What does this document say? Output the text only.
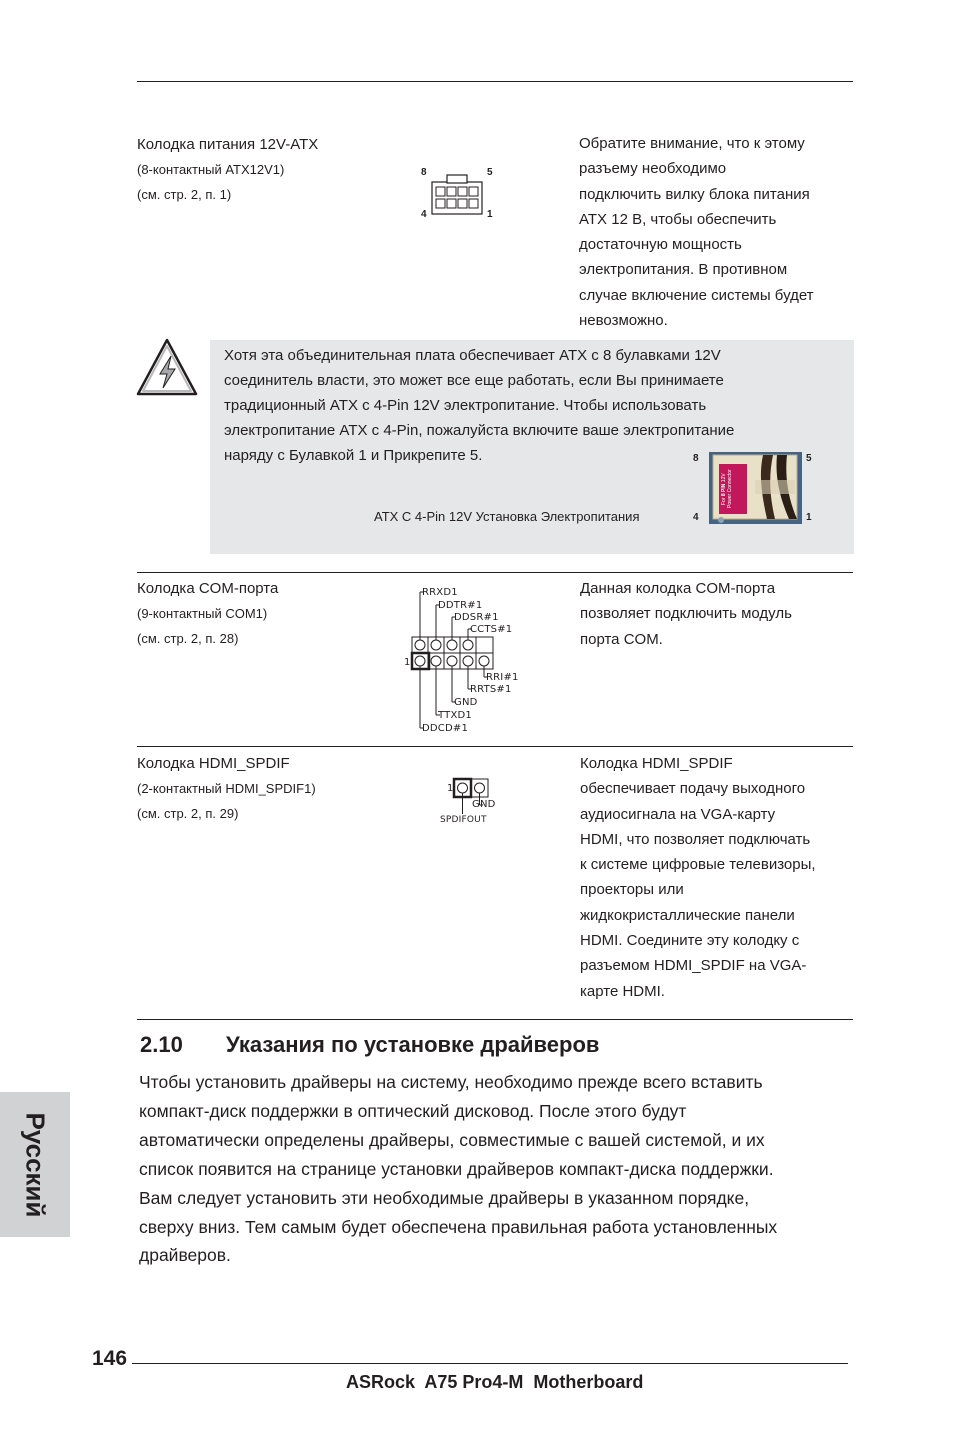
Колодка питания 12V-ATX
(8-контактный ATX12V1)
(см. стр. 2, п. 1)
8	5
4	1
Обратите внимание, что к этому
разъему необходимо
подключить вилку блока питания
ATX 12 В, чтобы обеспечить
достаточную мощность
электропитания. В противном
случае включение системы будет
невозможно.
Хотя эта объединительная плата обеспечивает ATX с 8 булавками 12V
соединитель власти, это может все еще работать, если Вы принимаете
традиционный ATX с 4-Pin 12V электропитание. Чтобы использовать
электропитание ATX с 4-Pin, пожалуйста включите ваше электропитание
наряду с Булавкой 1 и Прикрепите 5.
ATX С 4-Pin 12V Установка Электропитания
8	5
4	1
For 8 PIN 12V Power Connector
Колодка COM-порта
(9-контактный COM1)
(см. стр. 2, п. 28)
1
RRXD1
DDTR#1
DDSR#1
CCTS#1
RRI#1
RRTS#1
GND
TTXD1
DDCD#1
Данная колодка COM-порта
позволяет подключить модуль
порта COM.
Колодка HDMI_SPDIF
(2-контактный HDMI_SPDIF1)
(см. стр. 2, п. 29)
1
GND
SPDIFOUT
Колодка HDMI_SPDIF
обеспечивает подачу выходного
аудиосигнала на VGA-карту
HDMI, что позволяет подключать
к системе цифровые телевизоры,
проекторы или
жидкокристаллические панели
HDMI. Соедините эту колодку с
разъемом HDMI_SPDIF на VGA-
карте HDMI.
2.10 Указания по установке драйверов
Чтобы установить драйверы на систему, необходимо прежде всего вставить
компакт-диск поддержки в оптический дисковод. После этого будут
автоматически определены драйверы, совместимые с вашей системой, и их
список появится на странице установки драйверов компакт-диска поддержки.
Вам следует установить эти необходимые драйверы в указанном порядке,
сверху вниз. Тем самым будет обеспечена правильная работа установленных
драйверов.
Русский
146
ASRock  A75 Pro4-M  Motherboard
